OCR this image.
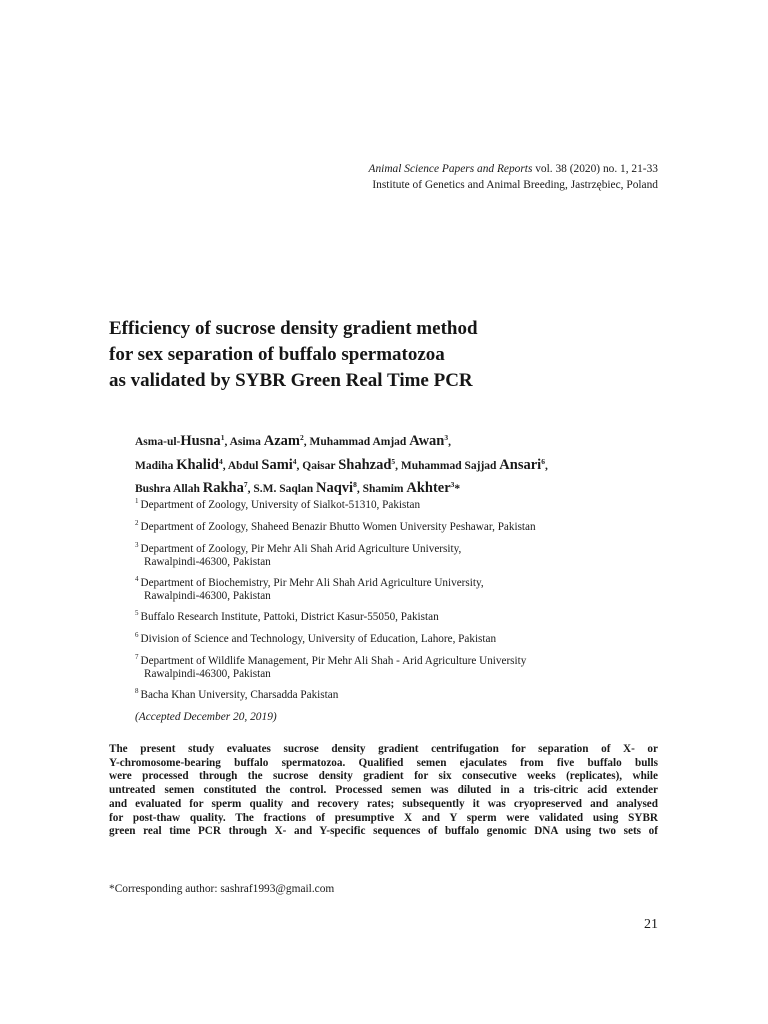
Animal Science Papers and Reports vol. 38 (2020) no. 1, 21-33
Institute of Genetics and Animal Breeding, Jastrzębiec, Poland
Efficiency of sucrose density gradient method
for sex separation of buffalo spermatozoa
as validated by SYBR Green Real Time PCR
Asma-ul-Husna$^1$, Asima Azam$^2$, Muhammad Amjad Awan$^3$,
Madiha Khalid$^4$, Abdul Sami$^4$, Qaisar Shahzad$^5$, Muhammad Sajjad Ansari$^6$,
Bushra Allah Rakha$^7$, S.M. Saqlan Naqvi$^8$, Shamim Akhter$^3$*
$^1$ Department of Zoology, University of Sialkot-51310, Pakistan
$^2$ Department of Zoology, Shaheed Benazir Bhutto Women University Peshawar, Pakistan
$^3$ Department of Zoology, Pir Mehr Ali Shah Arid Agriculture University,
Rawalpindi-46300, Pakistan
$^4$ Department of Biochemistry, Pir Mehr Ali Shah Arid Agriculture University,
Rawalpindi-46300, Pakistan
$^5$ Buffalo Research Institute, Pattoki, District Kasur-55050, Pakistan
$^6$ Division of Science and Technology, University of Education, Lahore, Pakistan
$^7$ Department of Wildlife Management, Pir Mehr Ali Shah - Arid Agriculture University
Rawalpindi-46300, Pakistan
$^8$ Bacha Khan University, Charsadda Pakistan
(Accepted December 20, 2019)
The present study evaluates sucrose density gradient centrifugation for separation of X- or
Y-chromosome-bearing buffalo spermatozoa. Qualified semen ejaculates from five buffalo bulls
were processed through the sucrose density gradient for six consecutive weeks (replicates), while
untreated semen constituted the control. Processed semen was diluted in a tris-citric acid extender
and evaluated for sperm quality and recovery rates; subsequently it was cryopreserved and analysed
for post-thaw quality. The fractions of presumptive X and Y sperm were validated using SYBR
green real time PCR through X- and Y-specific sequences of buffalo genomic DNA using two sets of
*Corresponding author: sashraf1993@gmail.com
21
